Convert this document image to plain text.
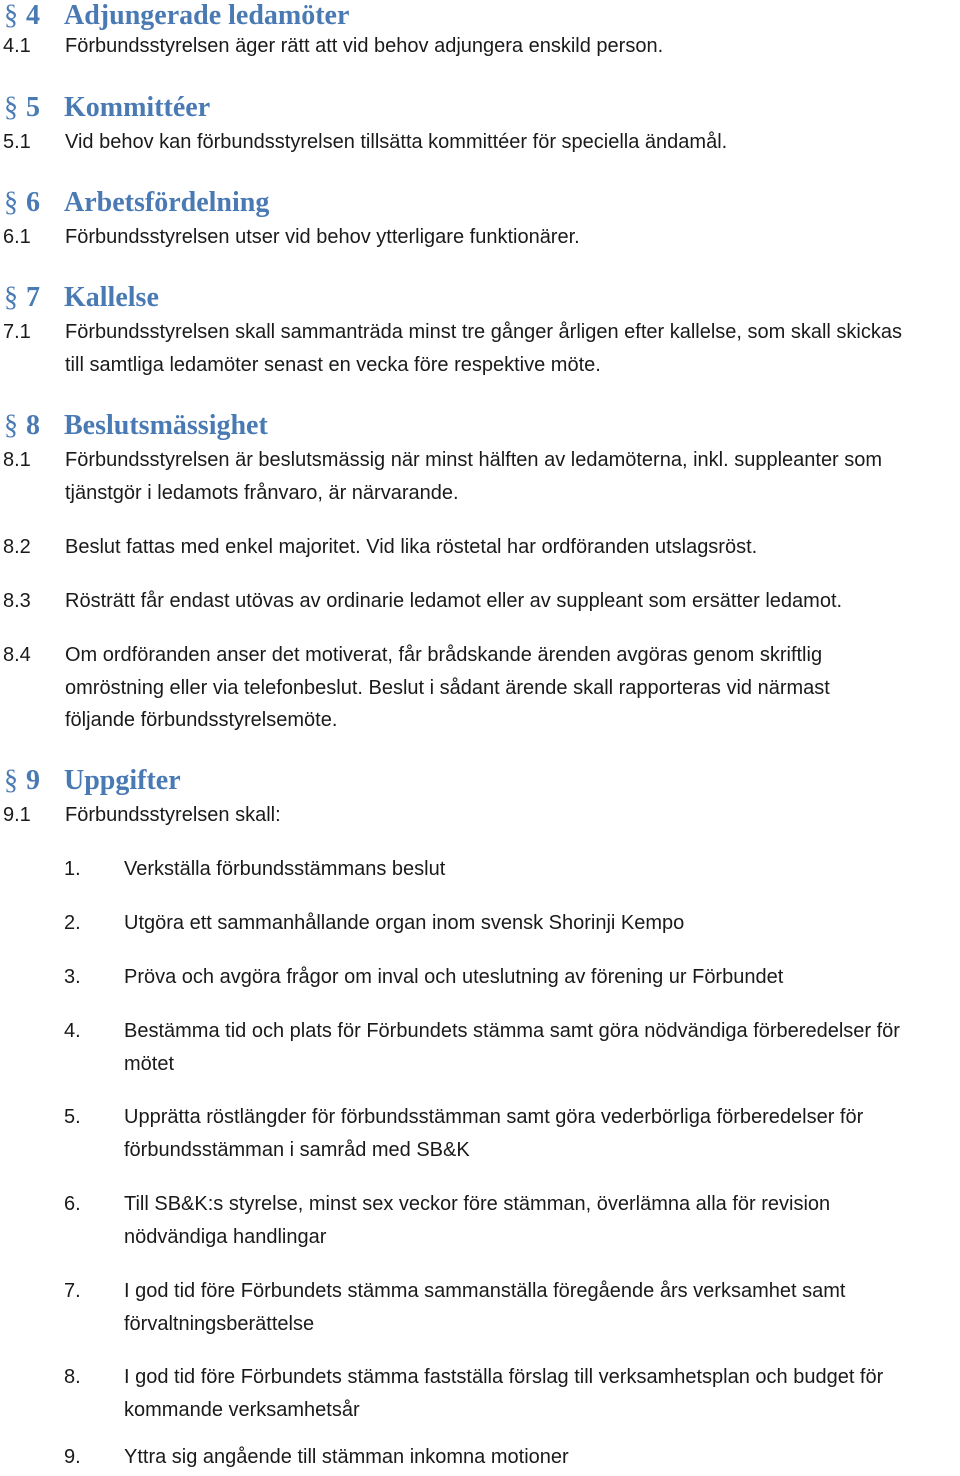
§ 4 Adjungerade ledamöter
4.1 Förbundsstyrelsen äger rätt att vid behov adjungera enskild person.
§ 5 Kommittéer
5.1 Vid behov kan förbundsstyrelsen tillsätta kommittéer för speciella ändamål.
§ 6 Arbetsfördelning
6.1 Förbundsstyrelsen utser vid behov ytterligare funktionärer.
§ 7 Kallelse
7.1 Förbundsstyrelsen skall sammanträda minst tre gånger årligen efter kallelse, som skall skickas
till samtliga ledamöter senast en vecka före respektive möte.
§ 8 Beslutsmässighet
8.1 Förbundsstyrelsen är beslutsmässig när minst hälften av ledamöterna, inkl. suppleanter som
tjänstgör i ledamots frånvaro, är närvarande.
8.2 Beslut fattas med enkel majoritet. Vid lika röstetal har ordföranden utslagsröst.
8.3 Rösträtt får endast utövas av ordinarie ledamot eller av suppleant som ersätter ledamot.
8.4 Om ordföranden anser det motiverat, får brådskande ärenden avgöras genom skriftlig
omröstning eller via telefonbeslut. Beslut i sådant ärende skall rapporteras vid närmast
följande förbundsstyrelsemöte.
§ 9 Uppgifter
9.1 Förbundsstyrelsen skall:
1. Verkställa förbundsstämmans beslut
2. Utgöra ett sammanhållande organ inom svensk Shorinji Kempo
3. Pröva och avgöra frågor om inval och uteslutning av förening ur Förbundet
4. Bestämma tid och plats för Förbundets stämma samt göra nödvändiga förberedelser för
mötet
5. Upprätta röstlängder för förbundsstämman samt göra vederbörliga förberedelser för
förbundsstämman i samråd med SB&K
6. Till SB&K:s styrelse, minst sex veckor före stämman, överlämna alla för revision
nödvändiga handlingar
7. I god tid före Förbundets stämma sammanställa föregående års verksamhet samt
förvaltningsberättelse
8. I god tid före Förbundets stämma fastställa förslag till verksamhetsplan och budget för
kommande verksamhetsår
9. Yttra sig angående till stämman inkomna motioner
